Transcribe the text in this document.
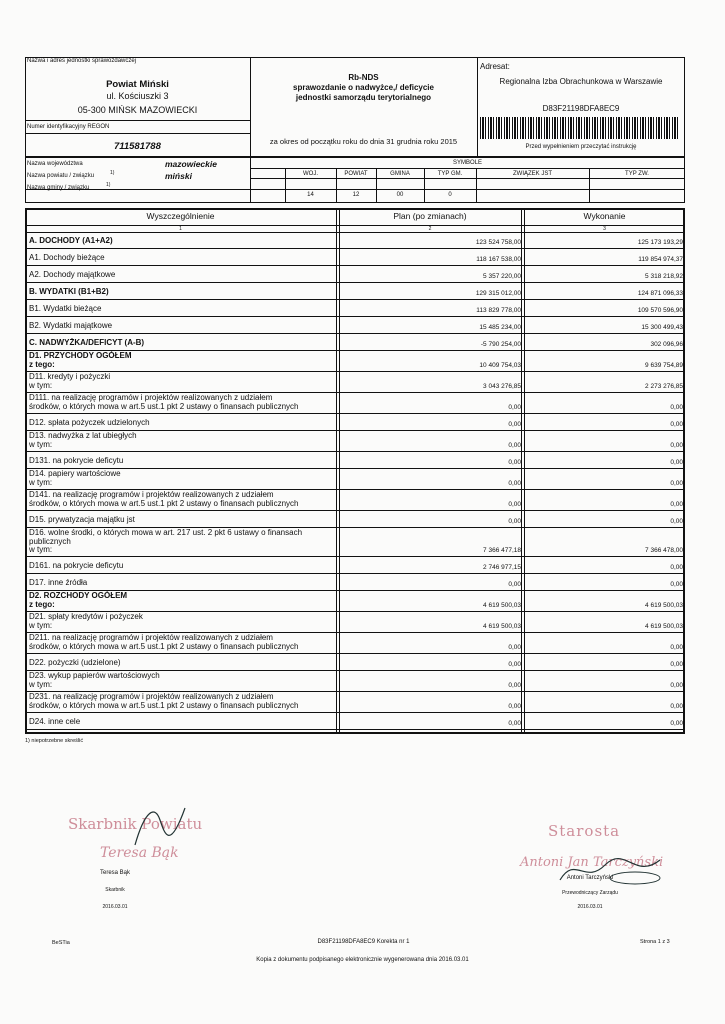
Nazwa i adres jednostki sprawozdawczej
Powiat Miński
ul. Kościuszki 3
05-300 MIŃSK MAZOWIECKI
Numer identyfikacyjny REGON
711581788
Rb-NDS
sprawozdanie o nadwyżce,/ deficycie
jednostki samorządu terytorialnego
za okres od początku roku do dnia 31 grudnia roku 2015
Adresat:
Regionalna Izba Obrachunkowa w Warszawie
D83F21198DFA8EC9
Przed wypełnieniem przeczytać instrukcję
Nazwa województwa	mazowieckie
Nazwa powiatu / związku	1)	miński
Nazwa gminy / związku	1)
SYMBOLE
WOJ.	POWIAT	GMINA	TYP GM.	ZWIĄZEK JST	TYP ZW.
14	12	00	0
Wyszczególnienie	Plan (po zmianach)	Wykonanie
1	2	3
A. DOCHODY (A1+A2)	123 524 758,00	125 173 193,29
A1. Dochody bieżące	118 167 538,00	119 854 974,37
A2. Dochody majątkowe	5 357 220,00	5 318 218,92
B. WYDATKI (B1+B2)	129 315 012,00	124 871 096,33
B1. Wydatki bieżące	113 829 778,00	109 570 596,90
B2. Wydatki majątkowe	15 485 234,00	15 300 499,43
C. NADWYŻKA/DEFICYT (A-B)	-5 790 254,00	302 096,96
D1. PRZYCHODY OGÓŁEM
z tego:	10 409 754,03	9 639 754,89
D11. kredyty i pożyczki
w tym:	3 043 276,85	2 273 276,85
D111. na realizację programów i projektów realizowanych z udziałem
środków, o których mowa w art.5 ust.1 pkt 2 ustawy o finansach publicznych	0,00	0,00
D12. spłata pożyczek udzielonych	0,00	0,00
D13. nadwyżka z lat ubiegłych
w tym:	0,00	0,00
D131. na pokrycie deficytu	0,00	0,00
D14. papiery wartościowe
w tym:	0,00	0,00
D141. na realizację programów i projektów realizowanych z udziałem
środków, o których mowa w art.5 ust.1 pkt 2 ustawy o finansach publicznych	0,00	0,00
D15. prywatyzacja majątku jst	0,00	0,00
D16. wolne środki, o których mowa w art. 217 ust. 2 pkt 6 ustawy o finansach
publicznych
w tym:	7 366 477,18	7 366 478,00
D161. na pokrycie deficytu	2 746 977,15	0,00
D17. inne źródła	0,00	0,00
D2. ROZCHODY OGÓŁEM
z tego:	4 619 500,03	4 619 500,03
D21. spłaty kredytów i pożyczek
w tym:	4 619 500,03	4 619 500,03
D211. na realizację programów i projektów realizowanych z udziałem
środków, o których mowa w art.5 ust.1 pkt 2 ustawy o finansach publicznych	0,00	0,00
D22. pożyczki (udzielone)	0,00	0,00
D23. wykup papierów wartościowych
w tym:	0,00	0,00
D231. na realizację programów i projektów realizowanych z udziałem
środków, o których mowa w art.5 ust.1 pkt 2 ustawy o finansach publicznych	0,00	0,00
D24. inne cele	0,00	0,00
1) niepotrzebne skreślić
Skarbnik Powiatu
Teresa Bąk
Teresa Bąk
Skarbnik
2016.03.01
Starosta
Antoni Jan Tarczyński
Antoni Tarczyński
Przewodniczący Zarządu
2016.03.01
BeSTia	D83F21198DFA8EC9 Korekta nr 1	Strona 1 z 3
Kopia z dokumentu podpisanego elektronicznie wygenerowana dnia 2016.03.01
